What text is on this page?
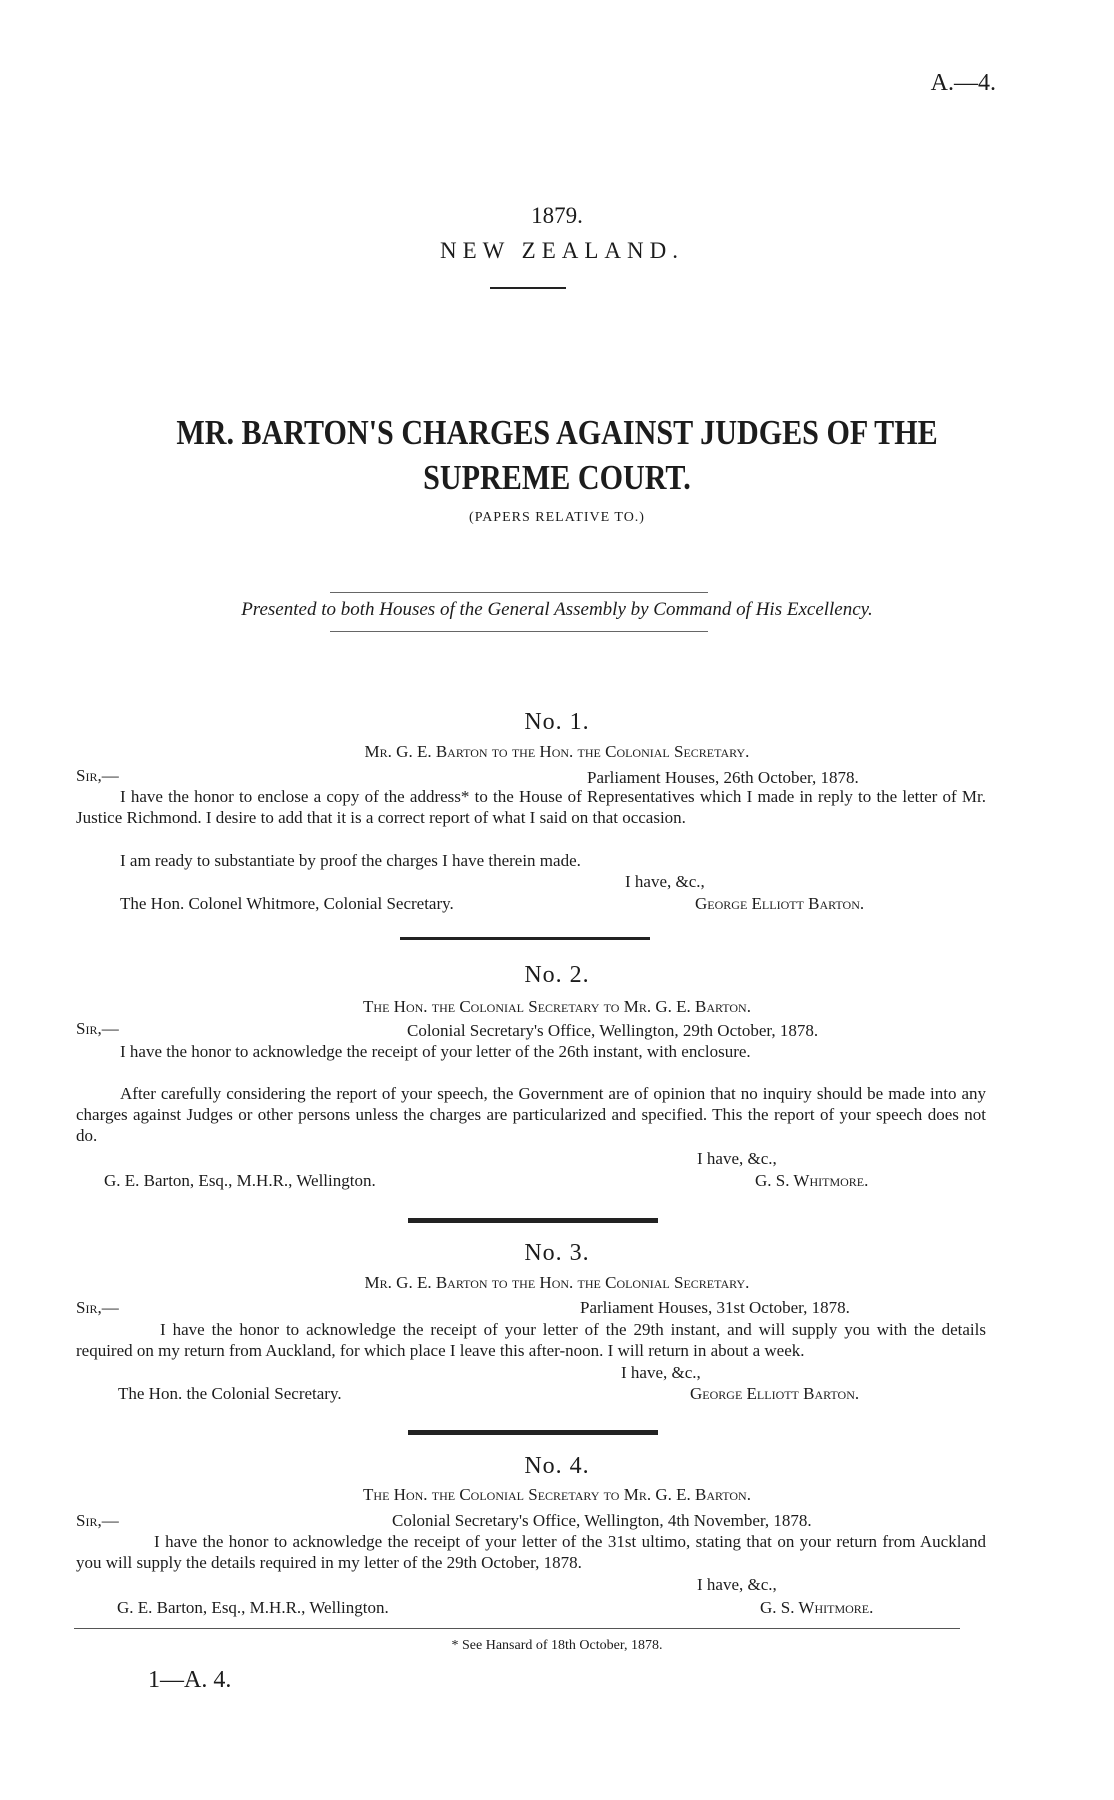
A.—4.
1879.
NEW ZEALAND.
MR. BARTON'S CHARGES AGAINST JUDGES OF THE
SUPREME COURT.
(PAPERS RELATIVE TO.)
Presented to both Houses of the General Assembly by Command of His Excellency.
No. 1.
Mr. G. E. Barton to the Hon. the Colonial Secretary.
Sir,—	Parliament Houses, 26th October, 1878.

I have the honor to enclose a copy of the address* to the House of Representatives which I made in reply to the letter of Mr. Justice Richmond. I desire to add that it is a correct report of what I said on that occasion.

I am ready to substantiate by proof the charges I have therein made.

I have, &c.,
The Hon. Colonel Whitmore, Colonial Secretary.	George Elliott Barton.
No. 2.
The Hon. the Colonial Secretary to Mr. G. E. Barton.
Sir,—	Colonial Secretary's Office, Wellington, 29th October, 1878.

I have the honor to acknowledge the receipt of your letter of the 26th instant, with enclosure.

After carefully considering the report of your speech, the Government are of opinion that no inquiry should be made into any charges against Judges or other persons unless the charges are particularized and specified. This the report of your speech does not do.

I have, &c.,
G. E. Barton, Esq., M.H.R., Wellington.	G. S. Whitmore.
No. 3.
Mr. G. E. Barton to the Hon. the Colonial Secretary.
Sir,—	Parliament Houses, 31st October, 1878.

I have the honor to acknowledge the receipt of your letter of the 29th instant, and will supply you with the details required on my return from Auckland, for which place I leave this after-noon. I will return in about a week.

I have, &c.,
The Hon. the Colonial Secretary.	George Elliott Barton.
No. 4.
The Hon. the Colonial Secretary to Mr. G. E. Barton.
Sir,—	Colonial Secretary's Office, Wellington, 4th November, 1878.

I have the honor to acknowledge the receipt of your letter of the 31st ultimo, stating that on your return from Auckland you will supply the details required in my letter of the 29th October, 1878.

I have, &c.,
G. E. Barton, Esq., M.H.R., Wellington.	G. S. Whitmore.
* See Hansard of 18th October, 1878.
1—A. 4.
